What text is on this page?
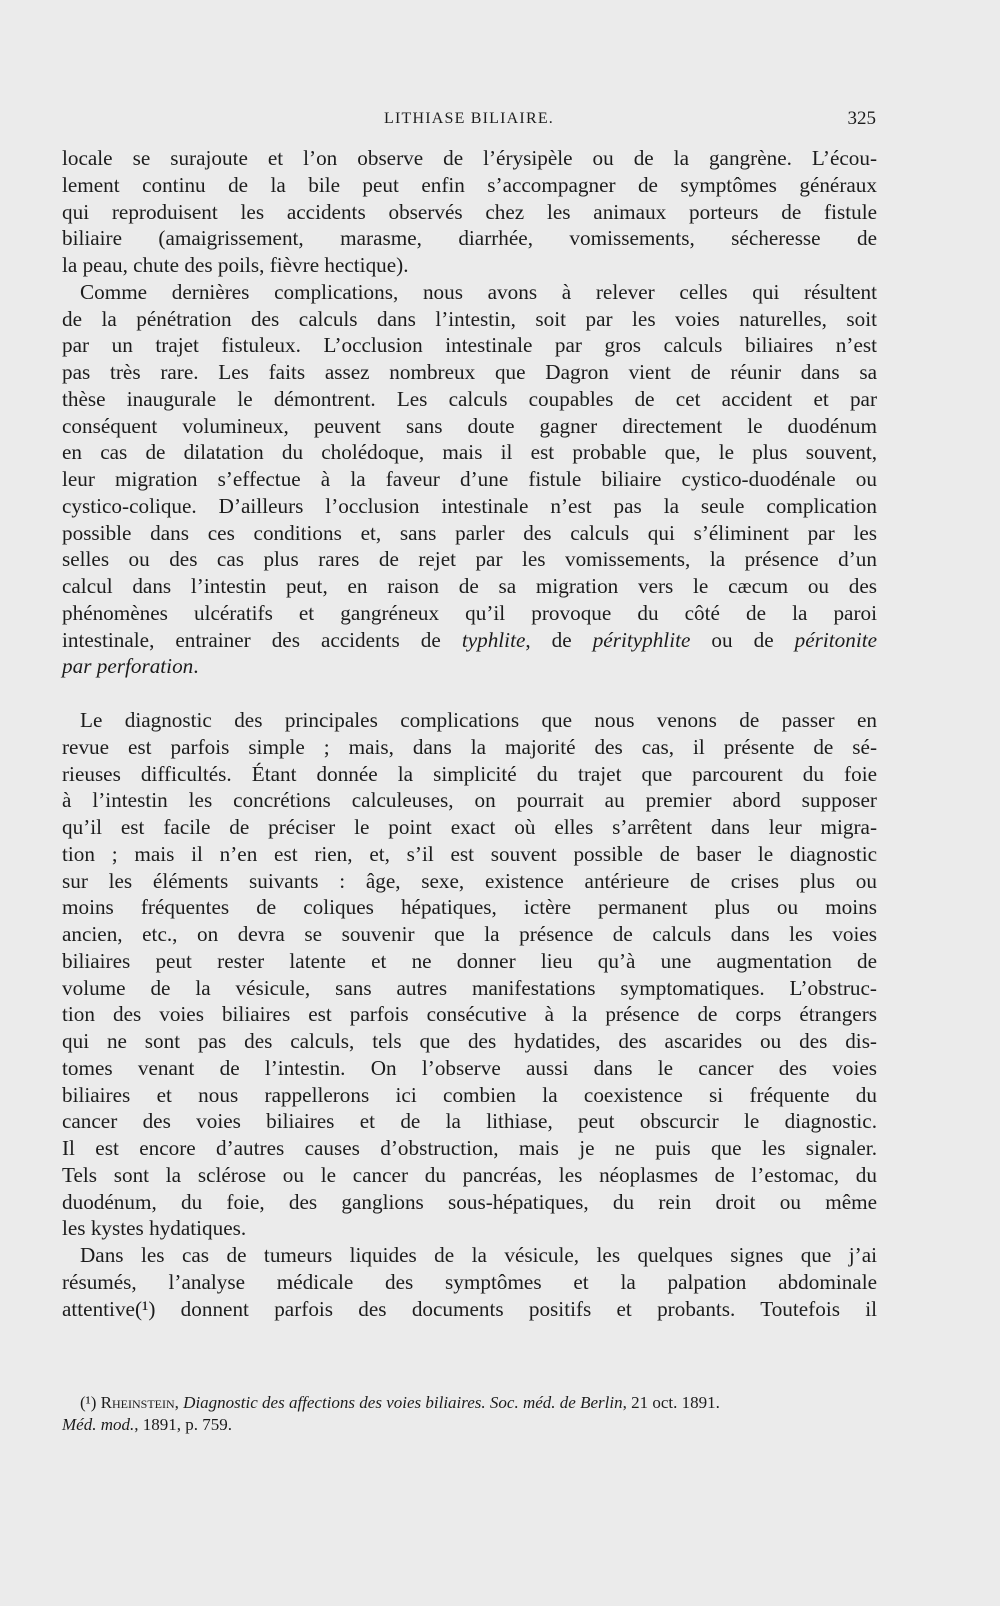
LITHIASE BILIAIRE.	325
locale se surajoute et l’on observe de l’érysipèle ou de la gangrène. L’écou-
lement continu de la bile peut enfin s’accompagner de symptômes généraux
qui reproduisent les accidents observés chez les animaux porteurs de fistule
biliaire (amaigrissement, marasme, diarrhée, vomissements, sécheresse de
la peau, chute des poils, fièvre hectique).
Comme dernières complications, nous avons à relever celles qui résultent
de la pénétration des calculs dans l’intestin, soit par les voies naturelles, soit
par un trajet fistuleux. L’occlusion intestinale par gros calculs biliaires n’est
pas très rare. Les faits assez nombreux que Dagron vient de réunir dans sa
thèse inaugurale le démontrent. Les calculs coupables de cet accident et par
conséquent volumineux, peuvent sans doute gagner directement le duodénum
en cas de dilatation du cholédoque, mais il est probable que, le plus souvent,
leur migration s’effectue à la faveur d’une fistule biliaire cystico-duodénale ou
cystico-colique. D’ailleurs l’occlusion intestinale n’est pas la seule complication
possible dans ces conditions et, sans parler des calculs qui s’éliminent par les
selles ou des cas plus rares de rejet par les vomissements, la présence d’un
calcul dans l’intestin peut, en raison de sa migration vers le cæcum ou des
phénomènes ulcératifs et gangréneux qu’il provoque du côté de la paroi
intestinale, entrainer des accidents de typhlite, de pérityphlite ou de péritonite
par perforation.
Le diagnostic des principales complications que nous venons de passer en
revue est parfois simple ; mais, dans la majorité des cas, il présente de sé-
rieuses difficultés. Étant donnée la simplicité du trajet que parcourent du foie
à l’intestin les concrétions calculeuses, on pourrait au premier abord supposer
qu’il est facile de préciser le point exact où elles s’arrêtent dans leur migra-
tion ; mais il n’en est rien, et, s’il est souvent possible de baser le diagnostic
sur les éléments suivants : âge, sexe, existence antérieure de crises plus ou
moins fréquentes de coliques hépatiques, ictère permanent plus ou moins
ancien, etc., on devra se souvenir que la présence de calculs dans les voies
biliaires peut rester latente et ne donner lieu qu’à une augmentation de
volume de la vésicule, sans autres manifestations symptomatiques. L’obstruc-
tion des voies biliaires est parfois consécutive à la présence de corps étrangers
qui ne sont pas des calculs, tels que des hydatides, des ascarides ou des dis-
tomes venant de l’intestin. On l’observe aussi dans le cancer des voies
biliaires et nous rappellerons ici combien la coexistence si fréquente du
cancer des voies biliaires et de la lithiase, peut obscurcir le diagnostic.
Il est encore d’autres causes d’obstruction, mais je ne puis que les signaler.
Tels sont la sclérose ou le cancer du pancréas, les néoplasmes de l’estomac, du
duodénum, du foie, des ganglions sous-hépatiques, du rein droit ou même
les kystes hydatiques.
Dans les cas de tumeurs liquides de la vésicule, les quelques signes que j’ai
résumés, l’analyse médicale des symptômes et la palpation abdominale
attentive(¹) donnent parfois des documents positifs et probants. Toutefois il
(¹) Rheinstein, Diagnostic des affections des voies biliaires. Soc. méd. de Berlin, 21 oct. 1891.
Méd. mod., 1891, p. 759.
